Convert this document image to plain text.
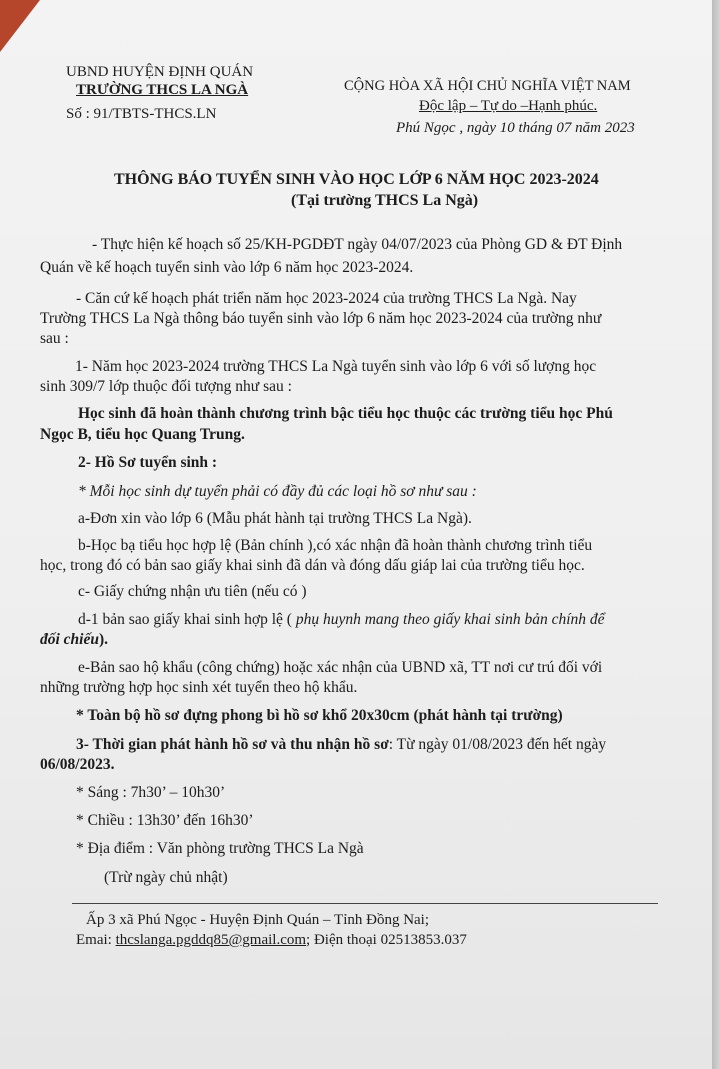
UBND HUYỆN ĐỊNH QUÁN
TRƯỜNG THCS LA NGÀ
Số : 91/TBTS-THCS.LN
CỘNG HÒA XÃ HỘI CHỦ NGHĨA VIỆT NAM
Độc lập – Tự do –Hạnh phúc.
Phú Ngọc , ngày 10 tháng 07 năm 2023
THÔNG BÁO TUYỂN SINH VÀO HỌC LỚP 6 NĂM HỌC 2023-2024
(Tại trường THCS La Ngà)
- Thực hiện kế hoạch số 25/KH-PGDĐT ngày 04/07/2023 của Phòng GD & ĐT Định
Quán về kế hoạch tuyển sinh vào lớp 6 năm học 2023-2024.
- Căn cứ kế hoạch phát triển năm học 2023-2024 của trường THCS La Ngà. Nay
Trường THCS La Ngà thông báo tuyển sinh vào lớp 6 năm học 2023-2024 của trường như
sau :
1- Năm học 2023-2024 trường THCS La Ngà tuyển sinh vào lớp 6 với số lượng học
sinh 309/7 lớp thuộc đối tượng như sau :
Học sinh đã hoàn thành chương trình bậc tiểu học thuộc các trường tiểu học Phú
Ngọc B, tiểu học Quang Trung.
2- Hồ Sơ tuyển sinh :
* Mỗi học sinh dự tuyển phải có đầy đủ các loại hồ sơ như sau :
a-Đơn xin vào lớp 6 (Mẫu phát hành tại trường THCS La Ngà).
b-Học bạ tiểu học hợp lệ (Bản chính ),có xác nhận đã hoàn thành chương trình tiểu
học, trong đó có bản sao giấy khai sinh đã dán và đóng dấu giáp lai của trường tiểu học.
c- Giấy chứng nhận ưu tiên (nếu có )
d-1 bản sao giấy khai sinh hợp lệ ( phụ huynh mang theo giấy khai sinh bản chính để
đối chiếu).
e-Bản sao hộ khẩu (công chứng) hoặc xác nhận của UBND xã, TT nơi cư trú đối với
những trường hợp học sinh xét tuyển theo hộ khẩu.
* Toàn bộ hồ sơ đựng phong bì hồ sơ khổ 20x30cm (phát hành tại trường)
3- Thời gian phát hành hồ sơ và thu nhận hồ sơ: Từ ngày 01/08/2023 đến hết ngày
06/08/2023.
* Sáng : 7h30’ – 10h30’
* Chiều : 13h30’ đến 16h30’
* Địa điểm : Văn phòng trường THCS La Ngà
(Trừ ngày chủ nhật)
Ấp 3 xã Phú Ngọc - Huyện Định Quán – Tỉnh Đồng Nai;
Emai: thcslanga.pgddq85@gmail.com; Điện thoại 02513853.037
